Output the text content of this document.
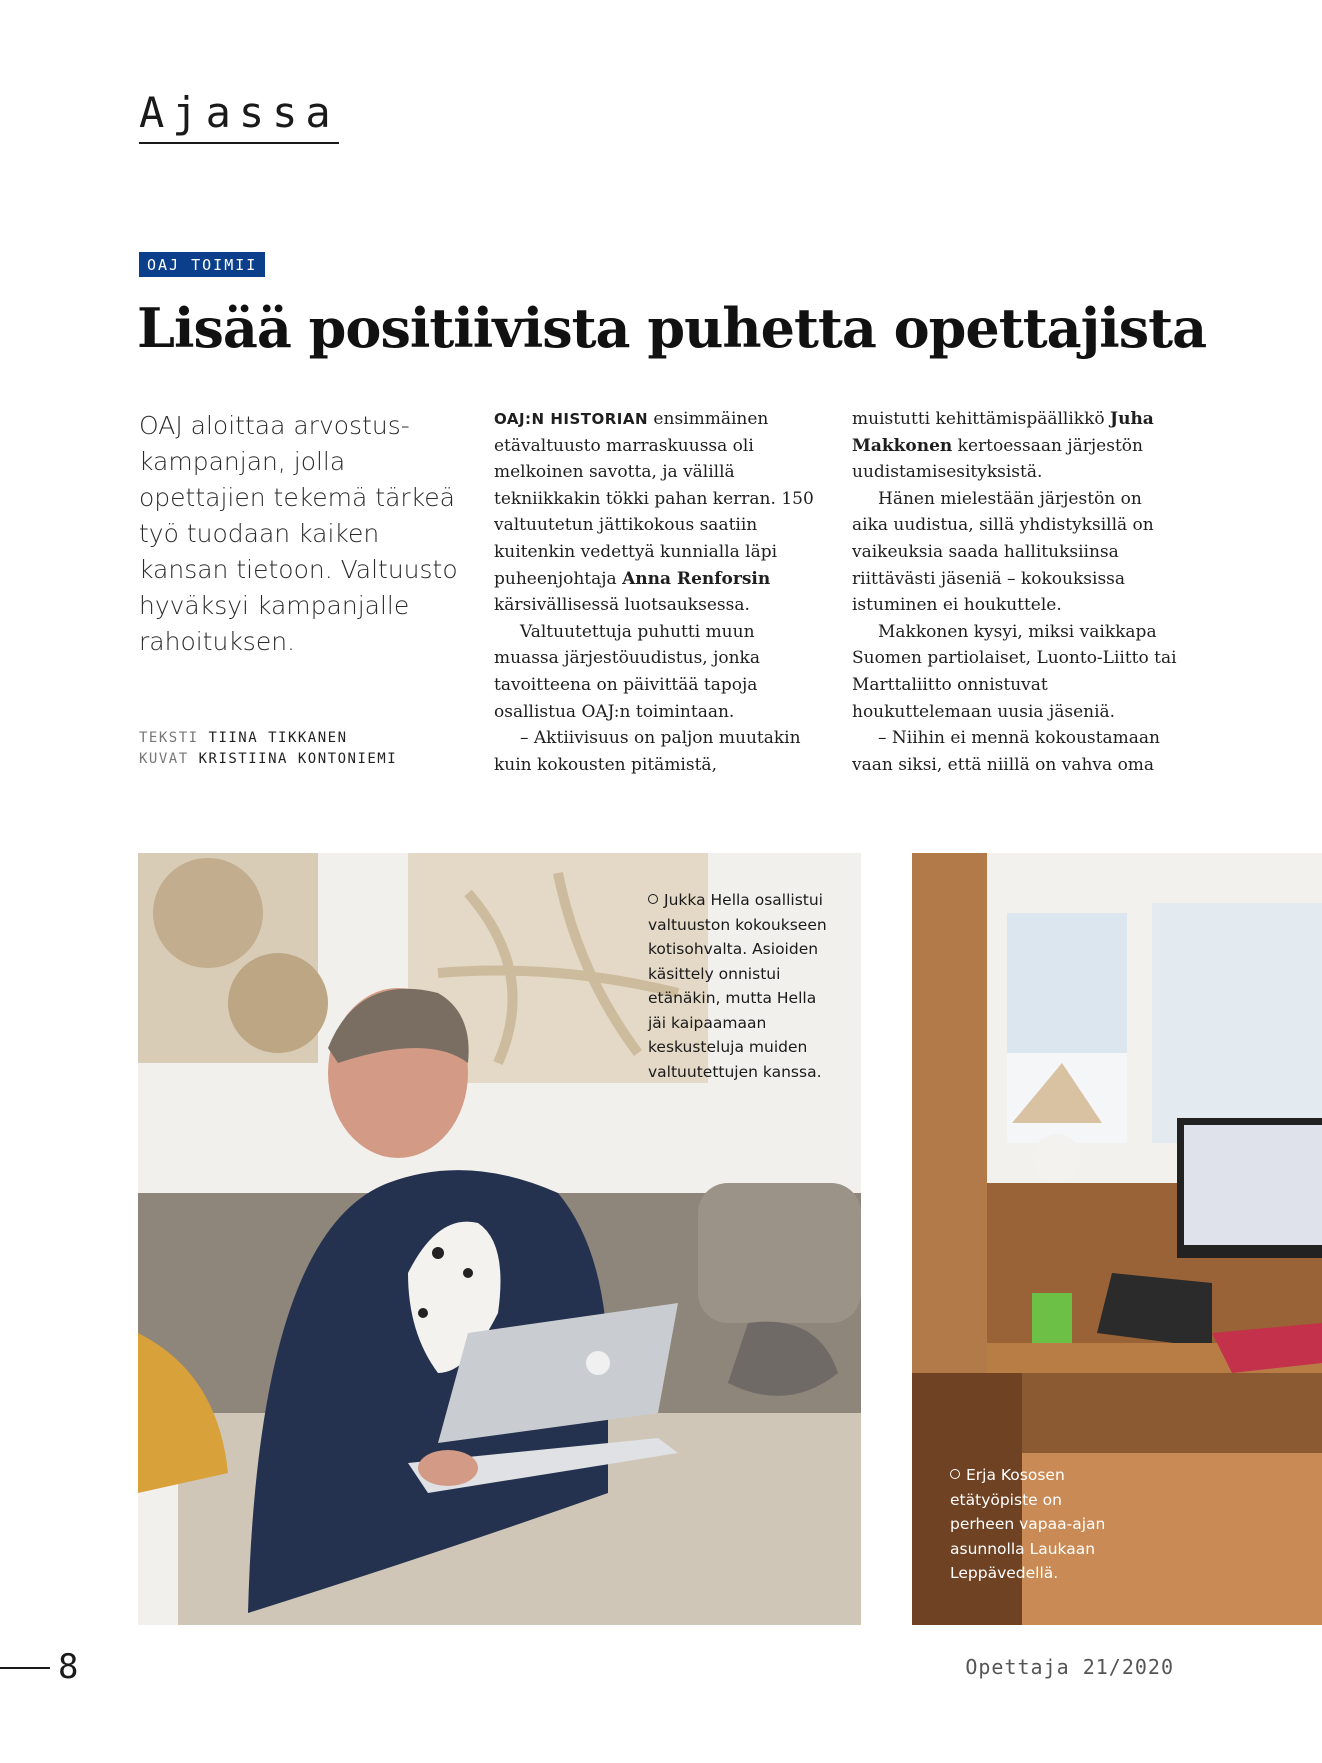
Ajassa
OAJ TOIMII
Lisää positiivista puhetta opettajista

OAJ aloittaa arvostus-kampanjan, jolla opettajien tekemä tärkeä työ tuodaan kaiken kansan tietoon. Valtuusto hyväksyi kampanjalle rahoituksen.

TEKSTI TIINA TIKKANEN
KUVAT KRISTIINA KONTONIEMI

OAJ:N HISTORIAN ensimmäinen etävaltuusto marraskuussa oli melkoinen savotta, ja välillä tekniikkakin tökki pahan kerran. 150 valtuutetun jättikokous saatiin kuitenkin vedettyä kunnialla läpi puheenjohtaja Anna Renforsin kärsivällisessä luotsauksessa.

Valtuutettuja puhutti muun muassa järjestöuudistus, jonka tavoitteena on päivittää tapoja osallistua OAJ:n toimintaan.

– Aktiivisuus on paljon muutakin kuin kokousten pitämistä,

muistutti kehittämispäällikkö Juha Makkonen kertoessaan järjestön uudistamisesityksistä.

Hänen mielestään järjestön on aika uudistua, sillä yhdistyksillä on vaikeuksia saada hallituksiinsa riittävästi jäseniä – kokouksissa istuminen ei houkuttele.

Makkonen kysyi, miksi vaikkapa Suomen partiolaiset, Luonto-Liitto tai Marttaliitto onnistuvat houkuttelemaan uusia jäseniä.

– Niihin ei mennä kokoustamaan vaan siksi, että niillä on vahva oma

Jukka Hella osallistui valtuuston kokoukseen kotisohvalta. Asioiden käsittely onnistui etänäkin, mutta Hella jäi kaipaamaan keskusteluja muiden valtuutettujen kanssa.

Erja Kososen etätyöpiste on perheen vapaa-ajan asunnolla Laukaan Leppävedellä.

8	Opettaja 21/2020
